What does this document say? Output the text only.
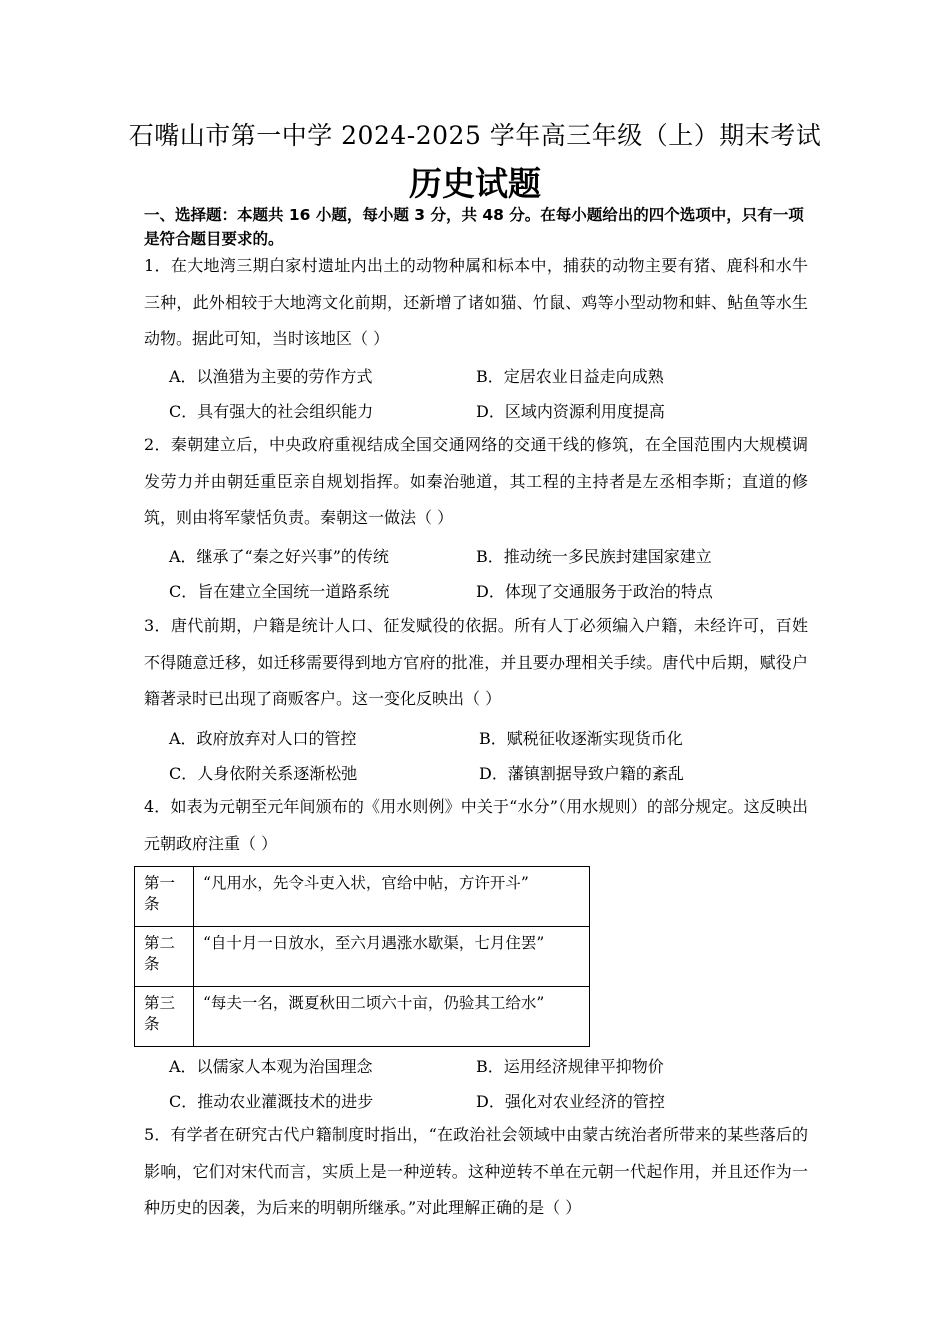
石嘴山市第一中学 2024-2025 学年高三年级（上）期末考试
历史试题
一、选择题：本题共 16 小题，每小题 3 分，共 48 分。在每小题给出的四个选项中，只有一项是符合题目要求的。
1．在大地湾三期白家村遗址内出土的动物种属和标本中，捕获的动物主要有猪、鹿科和水牛三种，此外相较于大地湾文化前期，还新增了诸如猫、竹鼠、鸡等小型动物和蚌、鲇鱼等水生动物。据此可知，当时该地区（ ）
A．以渔猎为主要的劳作方式	B．定居农业日益走向成熟
C．具有强大的社会组织能力	D．区域内资源利用度提高
2．秦朝建立后，中央政府重视结成全国交通网络的交通干线的修筑，在全国范围内大规模调发劳力并由朝廷重臣亲自规划指挥。如秦治驰道，其工程的主持者是左丞相李斯；直道的修筑，则由将军蒙恬负责。秦朝这一做法（ ）
A．继承了“秦之好兴事”的传统	B．推动统一多民族封建国家建立
C．旨在建立全国统一道路系统	D．体现了交通服务于政治的特点
3．唐代前期，户籍是统计人口、征发赋役的依据。所有人丁必须编入户籍，未经许可，百姓不得随意迁移，如迁移需要得到地方官府的批准，并且要办理相关手续。唐代中后期，赋役户籍著录时已出现了商贩客户。这一变化反映出（ ）
A．政府放弃对人口的管控	B．赋税征收逐渐实现货币化
C．人身依附关系逐渐松弛	D．藩镇割据导致户籍的紊乱
4．如表为元朝至元年间颁布的《用水则例》中关于“水分”（用水规则）的部分规定。这反映出元朝政府注重（ ）
第一条	“凡用水，先令斗吏入状，官给中帖，方许开斗”
第二条	“自十月一日放水，至六月遇涨水歇渠，七月住罢”
第三条	“每夫一名，溉夏秋田二顷六十亩，仍验其工给水”
A．以儒家人本观为治国理念	B．运用经济规律平抑物价
C．推动农业灌溉技术的进步	D．强化对农业经济的管控
5．有学者在研究古代户籍制度时指出，“在政治社会领域中由蒙古统治者所带来的某些落后的影响，它们对宋代而言，实质上是一种逆转。这种逆转不单在元朝一代起作用，并且还作为一种历史的因袭，为后来的明朝所继承。”对此理解正确的是（ ）
